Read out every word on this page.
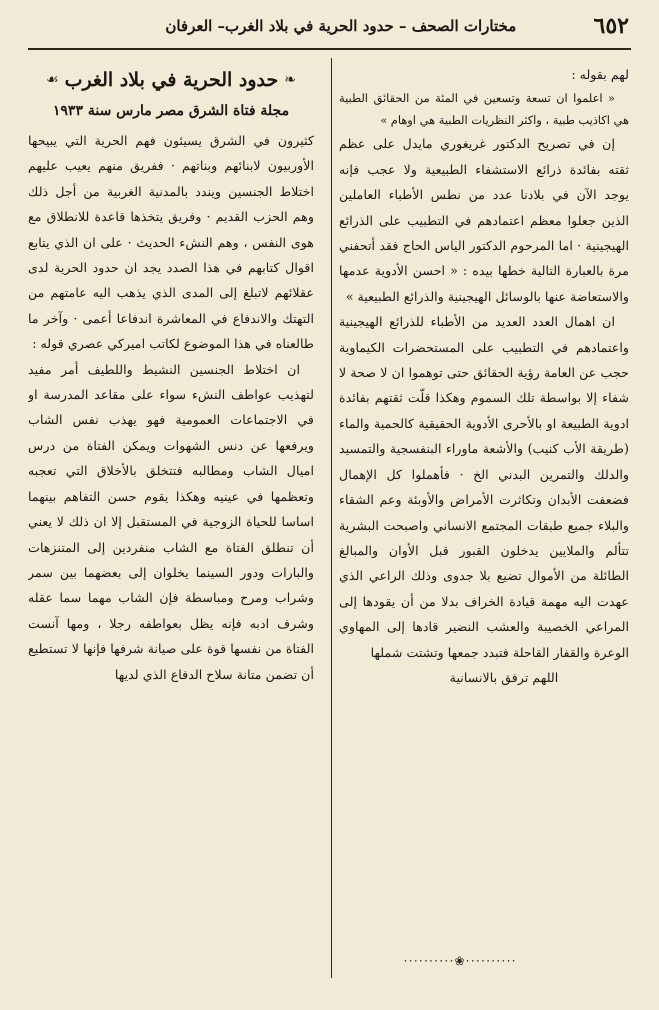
٦٥٢
مختارات الصحف – حدود الحرية في بلاد الغرب– العرفان

لهم بقوله :

« اعلموا ان تسعة وتسعين في المئة من الحقائق الطبية هي اكاذيب طبية ، واكثر النظريات الطبية هي اوهام »

إن في تصريح الدكتور غريغوري مايدل على عظم ثقته بفائدة ذرائع الاستشفاء الطبيعية ولا عجب فإنه يوجد الآن في بلادنا عدد من نطس الأطباء العاملين الذين جعلوا معظم اعتمادهم في التطبيب على الذرائع الهيجينية · اما المرحوم الدكتور الياس الحاج فقد أتحفني مرة بالعبارة التالية خطها بيده : « احسن الأدوية عدمها والاستعاضة عنها بالوسائل الهيجينية والذرائع الطبيعية »

ان اهمال العدد العديد من الأطباء للذرائع الهيجينية واعتمادهم في التطبيب على المستحضرات الكيماوية حجب عن العامة رؤية الحقائق حتى توهموا ان لا صحة لا شفاء إلا بواسطة تلك السموم وهكذا قلّت ثقتهم بفائدة ادوية الطبيعة او بالأحرى الأدوية الحقيقية كالحمية والماء (طريقة الأب كنيب) والأشعة ماوراء البنفسجية والتمسيد والدلك والتمرين البدني الخ · فأهملوا كل الإهمال فضعفت الأبدان وتكاثرت الأمراض والأوبئة وعم الشقاء والبلاء جميع طبقات المجتمع الانساني واصبحت البشرية تتألم والملايين يدخلون القبور قبل الأوان والمبالغ الطائلة من الأموال تضيع بلا جدوى وذلك الراعي الذي عهدت اليه مهمة قيادة الخراف بدلا من أن يقودها إلى المراعي الخصيبة والعشب النضير قادها إلى المهاوي الوعرة والقفار القاحلة فتبدد جمعها وتشتت شملها

اللهم ترفق بالانسانية

⋅⋅⋅⋅⋅⋅⋅⋅⋅⋅❀⋅⋅⋅⋅⋅⋅⋅⋅⋅⋅
❧
حدود الحرية في بلاد الغرب
☙
مجلة فتاة الشرق مصر مارس سنة ١٩٣٣

كثيرون في الشرق يسيئون فهم الحرية التي يبيحها الأوربيون لابنائهم وبناتهم · ففريق منهم يعيب عليهم اختلاط الجنسين ويندد بالمدنية الغربية من أجل ذلك وهم الحزب القديم · وفريق يتخذها قاعدة للانطلاق مع هوى النفس ، وهم النشء الحديث · على ان الذي يتابع اقوال كتابهم في هذا الصدد يجد ان حدود الحرية لدى عقلائهم لاتبلغ إلى المدى الذي يذهب اليه عامتهم من التهتك والاندفاع في المعاشرة اندفاعا أعمى · وآخر ما طالعناه في هذا الموضوع لكاتب اميركي عصري قوله :

ان اختلاط الجنسين النشيط واللطيف أمر مفيد لتهذيب عواطف النشء سواء على مقاعد المدرسة او في الاجتماعات العمومية فهو يهذب نفس الشاب ويرفعها عن دنس الشهوات ويمكن الفتاة من درس اميال الشاب ومطالبه فتتخلق بالأخلاق التي تعجبه وتعظمها في عينيه وهكذا يقوم حسن التفاهم بينهما اساسا للحياة الزوجية في المستقبل إلا ان ذلك لا يعني أن تنطلق الفتاة مع الشاب منفردين إلى المتنزهات والبارات ودور السينما يخلوان إلى بعضهما بين سمر وشراب ومرح ومباسطة فإن الشاب مهما سما عقله وشرف ادبه فإنه يظل بعواطفه رجلا ، ومها آنست الفتاة من نفسها قوة على صيانة شرفها فإنها لا تستطيع أن تضمن متانة سلاح الدفاع الذي لديها
